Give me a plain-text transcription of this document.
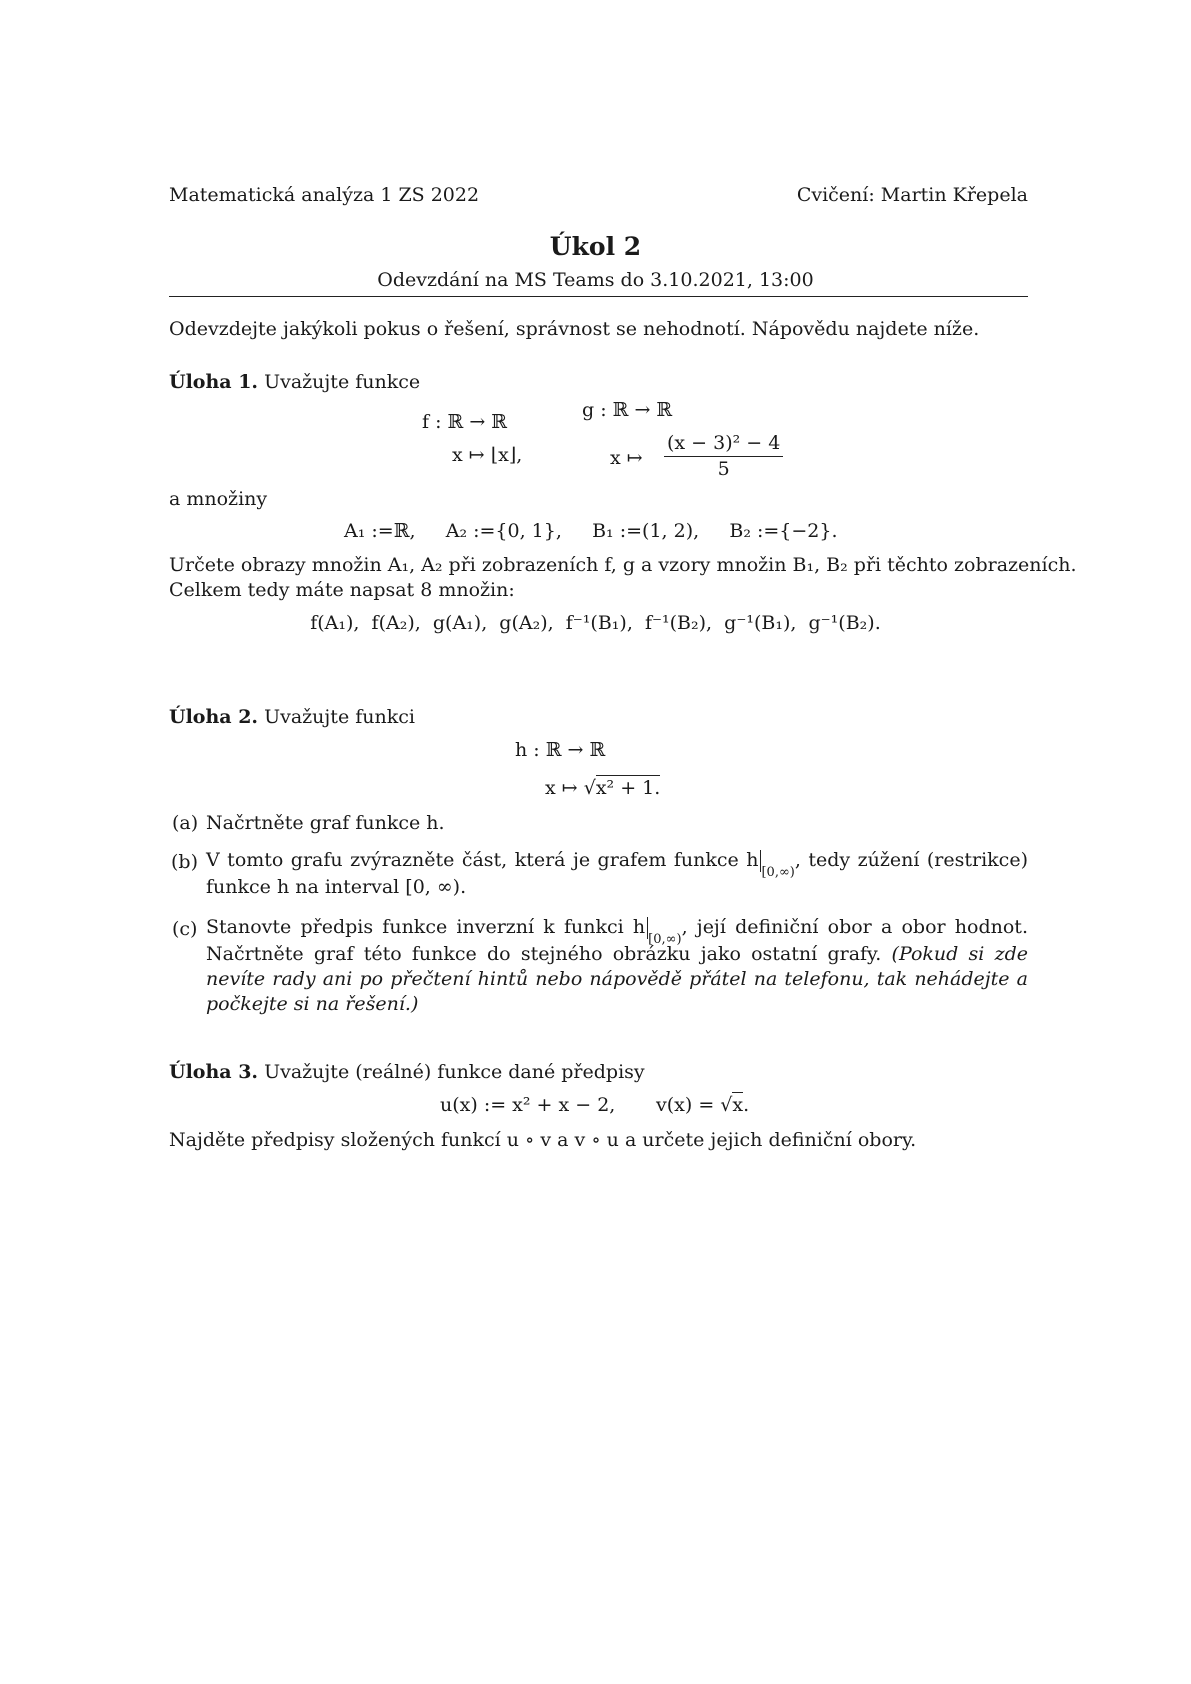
Matematická analýza 1 ZS 2022	Cvičení: Martin Křepela
Úkol 2
Odevzdání na MS Teams do 3.10.2021, 13:00
Odevzdejte jakýkoli pokus o řešení, správnost se nehodnotí. Nápovědu najdete níže.
Úloha 1. Uvažujte funkce
f : ℝ → ℝ
x ↦ ⌊x⌋,
g : ℝ → ℝ
x ↦ $\frac{\text{(x − 3)² − 4}}{5}$
a množiny
A₁ :=ℝ,     A₂ :={0, 1},     B₁ :=(1, 2),     B₂ :={−2}.
Určete obrazy množin A₁, A₂ při zobrazeních f, g a vzory množin B₁, B₂ při těchto zobrazeních.
Celkem tedy máte napsat 8 množin:
f(A₁),  f(A₂),  g(A₁),  g(A₂),  f⁻¹(B₁),  f⁻¹(B₂),  g⁻¹(B₁),  g⁻¹(B₂).
Úloha 2. Uvažujte funkci
h : ℝ → ℝ
x ↦ √x² + 1.
(a) Načrtněte graf funkce h.
(b) V tomto grafu zvýrazněte část, která je grafem funkce $h_{[0,\infty)}$, tedy zúžení (restrikce) funkce h na interval [0, ∞).
(c) Stanovte předpis funkce inverzní k funkci $h_{[0,\infty)}$, její definiční obor a obor hodnot. Načrtněte graf této funkce do stejného obrázku jako ostatní grafy. (Pokud si zde nevíte rady ani po přečtení hintů nebo nápovědě přátel na telefonu, tak nehádejte a počkejte si na řešení.)
Úloha 3. Uvažujte (reálné) funkce dané předpisy
u(x) := x² + x − 2, v(x) = √x.
Najděte předpisy složených funkcí u ∘ v a v ∘ u a určete jejich definiční obory.
